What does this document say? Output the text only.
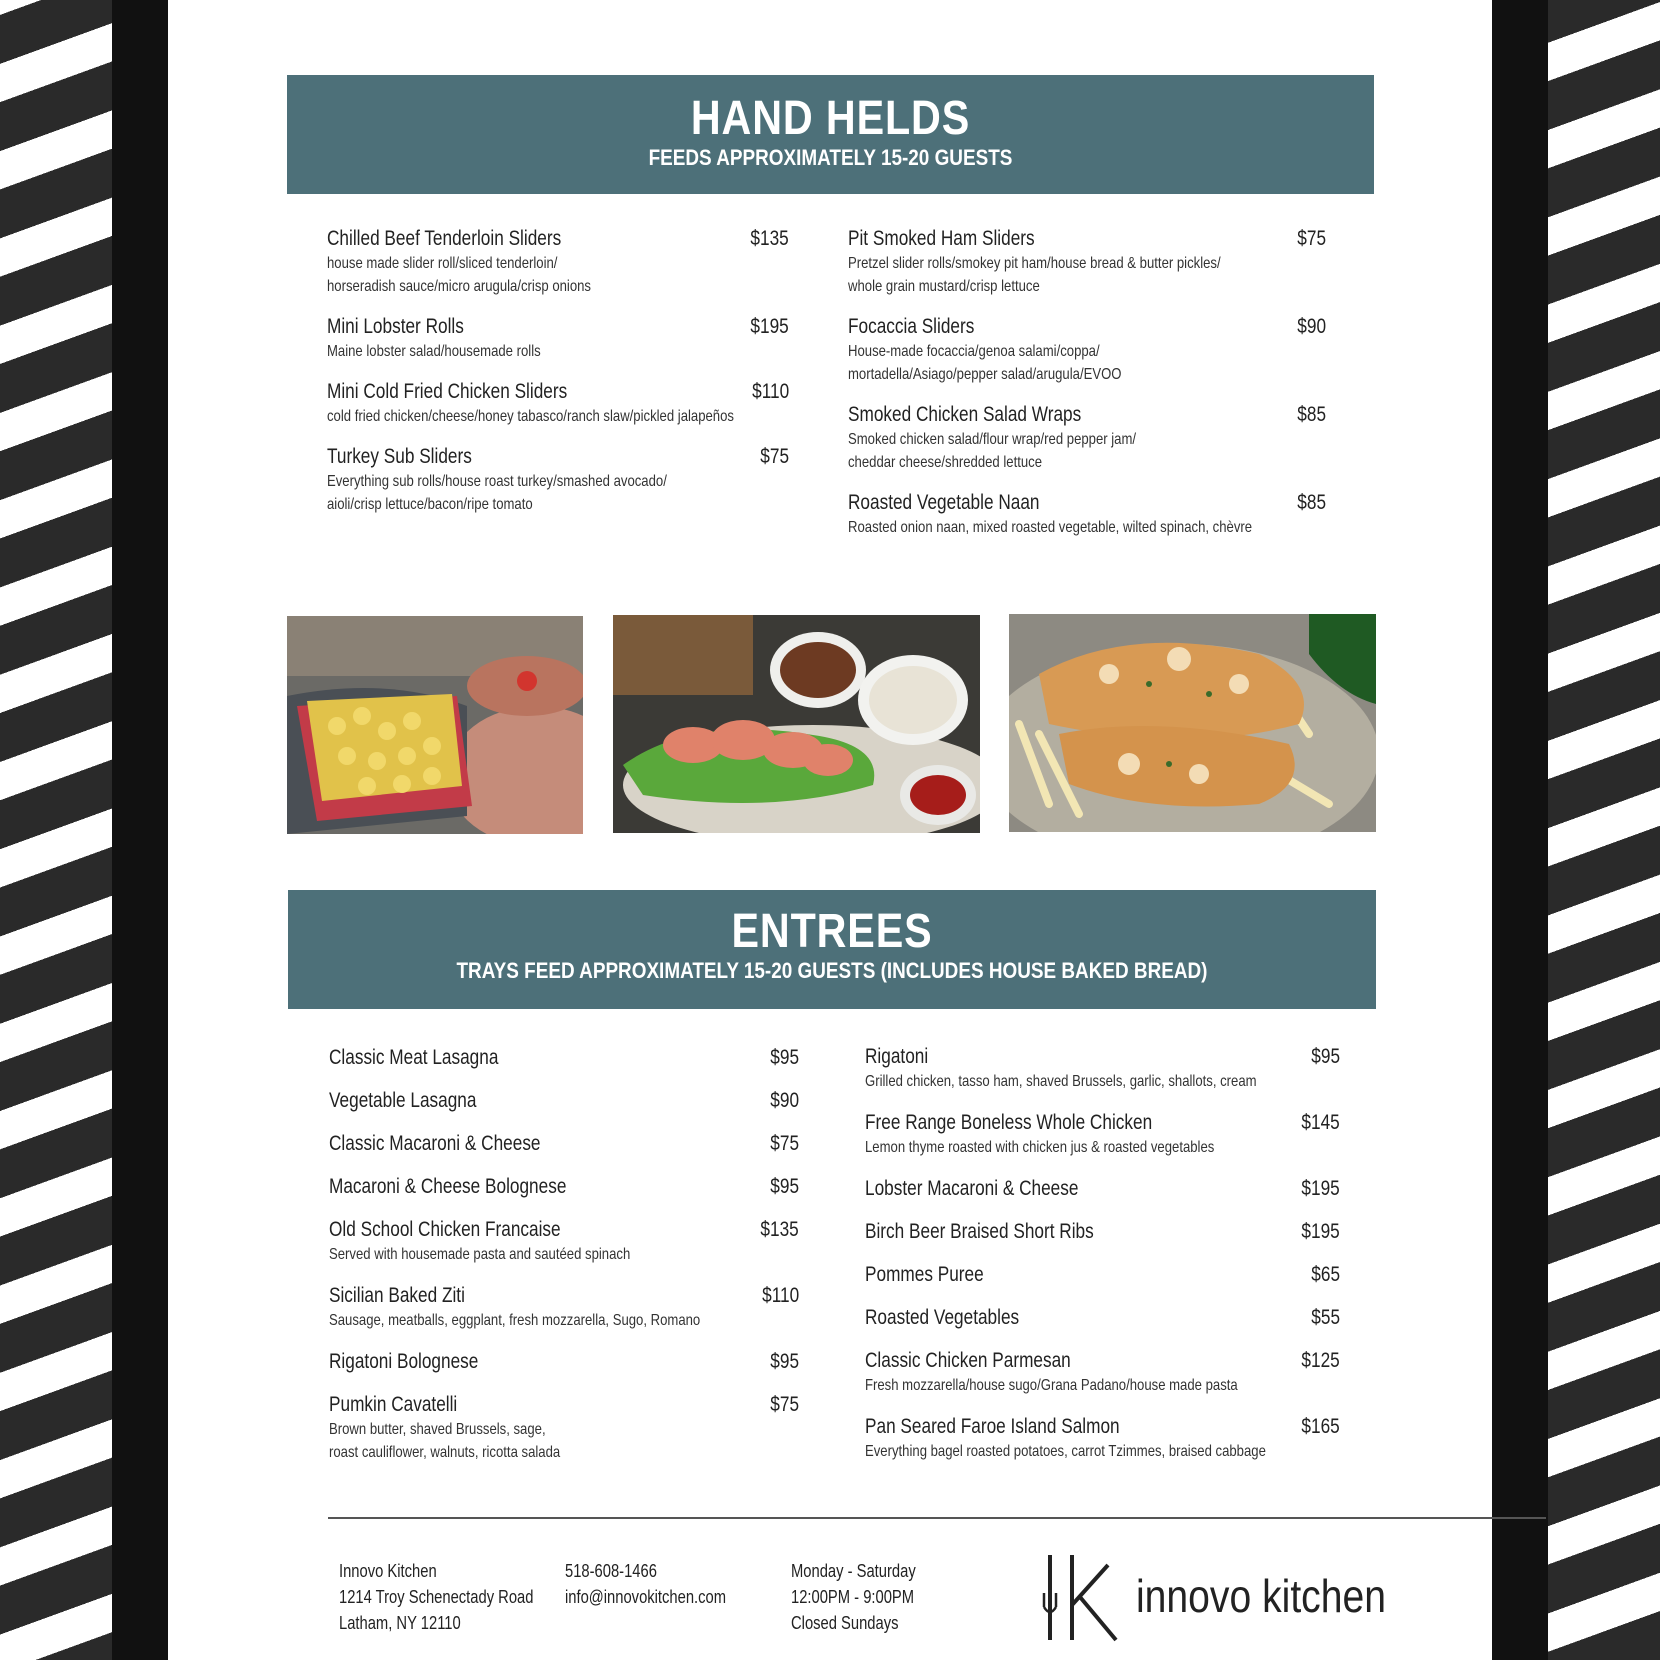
HAND HELDS
FEEDS APPROXIMATELY 15-20 GUESTS
Chilled Beef Tenderloin Sliders	$135
house made slider roll/sliced tenderloin/
horseradish sauce/micro arugula/crisp onions
Mini Lobster Rolls	$195
Maine lobster salad/housemade rolls
Mini Cold Fried Chicken Sliders	$110
cold fried chicken/cheese/honey tabasco/ranch slaw/pickled jalapeños
Turkey Sub Sliders	$75
Everything sub rolls/house roast turkey/smashed avocado/
aioli/crisp lettuce/bacon/ripe tomato
Pit Smoked Ham Sliders	$75
Pretzel slider rolls/smokey pit ham/house bread & butter pickles/
whole grain mustard/crisp lettuce
Focaccia Sliders	$90
House-made focaccia/genoa salami/coppa/
mortadella/Asiago/pepper salad/arugula/EVOO
Smoked Chicken Salad Wraps	$85
Smoked chicken salad/flour wrap/red pepper jam/
cheddar cheese/shredded lettuce
Roasted Vegetable Naan	$85
Roasted onion naan, mixed roasted vegetable, wilted spinach, chèvre
ENTREES
TRAYS FEED APPROXIMATELY 15-20 GUESTS (INCLUDES HOUSE BAKED BREAD)
Classic Meat Lasagna	$95
Vegetable Lasagna	$90
Classic Macaroni & Cheese	$75
Macaroni & Cheese Bolognese	$95
Old School Chicken Francaise	$135
Served with housemade pasta and sautéed spinach
Sicilian Baked Ziti	$110
Sausage, meatballs, eggplant, fresh mozzarella, Sugo, Romano
Rigatoni Bolognese	$95
Pumkin Cavatelli	$75
Brown butter, shaved Brussels, sage,
roast cauliflower, walnuts, ricotta salada
Rigatoni	$95
Grilled chicken, tasso ham, shaved Brussels, garlic, shallots, cream
Free Range Boneless Whole Chicken	$145
Lemon thyme roasted with chicken jus & roasted vegetables
Lobster Macaroni & Cheese	$195
Birch Beer Braised Short Ribs	$195
Pommes Puree	$65
Roasted Vegetables	$55
Classic Chicken Parmesan	$125
Fresh mozzarella/house sugo/Grana Padano/house made pasta
Pan Seared Faroe Island Salmon	$165
Everything bagel roasted potatoes, carrot Tzimmes, braised cabbage
Innovo Kitchen
1214 Troy Schenectady Road
Latham, NY 12110
518-608-1466
info@innovokitchen.com
Monday - Saturday
12:00PM - 9:00PM
Closed Sundays
innovo kitchen
